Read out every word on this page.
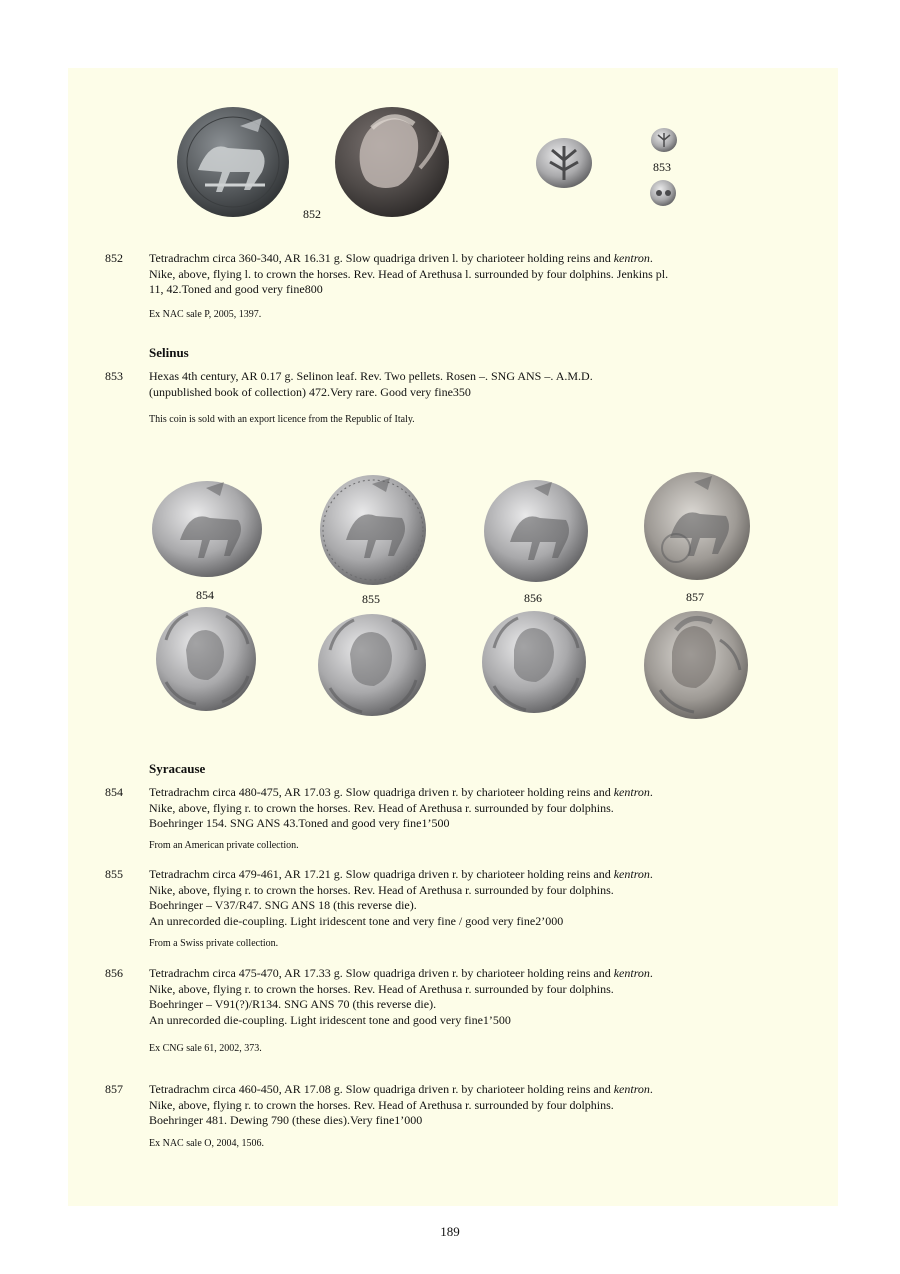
852
853
854	855	856	857
852 Tetradrachm circa 360-340, AR 16.31 g. Slow quadriga driven l. by charioteer holding reins and kentron.
Nike, above, flying l. to crown the horses. Rev. Head of Arethusa l. surrounded by four dolphins. Jenkins pl.
11, 42.Toned and good very fine800
Ex NAC sale P, 2005, 1397.
Selinus
853 Hexas 4th century, AR 0.17 g. Selinon leaf. Rev. Two pellets. Rosen –. SNG ANS –. A.M.D.
(unpublished book of collection) 472.Very rare. Good very fine350
This coin is sold with an export licence from the Republic of Italy.
Syracause
854 Tetradrachm circa 480-475, AR 17.03 g. Slow quadriga driven r. by charioteer holding reins and kentron.
Nike, above, flying r. to crown the horses. Rev. Head of Arethusa r. surrounded by four dolphins.
Boehringer 154. SNG ANS 43.Toned and good very fine1’500
From an American private collection.
855 Tetradrachm circa 479-461, AR 17.21 g. Slow quadriga driven r. by charioteer holding reins and kentron.
Nike, above, flying r. to crown the horses. Rev. Head of Arethusa r. surrounded by four dolphins.
Boehringer – V37/R47. SNG ANS 18 (this reverse die).
An unrecorded die-coupling. Light iridescent tone and very fine / good very fine2’000
From a Swiss private collection.
856 Tetradrachm circa 475-470, AR 17.33 g. Slow quadriga driven r. by charioteer holding reins and kentron.
Nike, above, flying r. to crown the horses. Rev. Head of Arethusa r. surrounded by four dolphins.
Boehringer – V91(?)/R134. SNG ANS 70 (this reverse die).
An unrecorded die-coupling. Light iridescent tone and good very fine1’500
Ex CNG sale 61, 2002, 373.
857 Tetradrachm circa 460-450, AR 17.08 g. Slow quadriga driven r. by charioteer holding reins and kentron.
Nike, above, flying r. to crown the horses. Rev. Head of Arethusa r. surrounded by four dolphins.
Boehringer 481. Dewing 790 (these dies).Very fine1’000
Ex NAC sale O, 2004, 1506.
189
